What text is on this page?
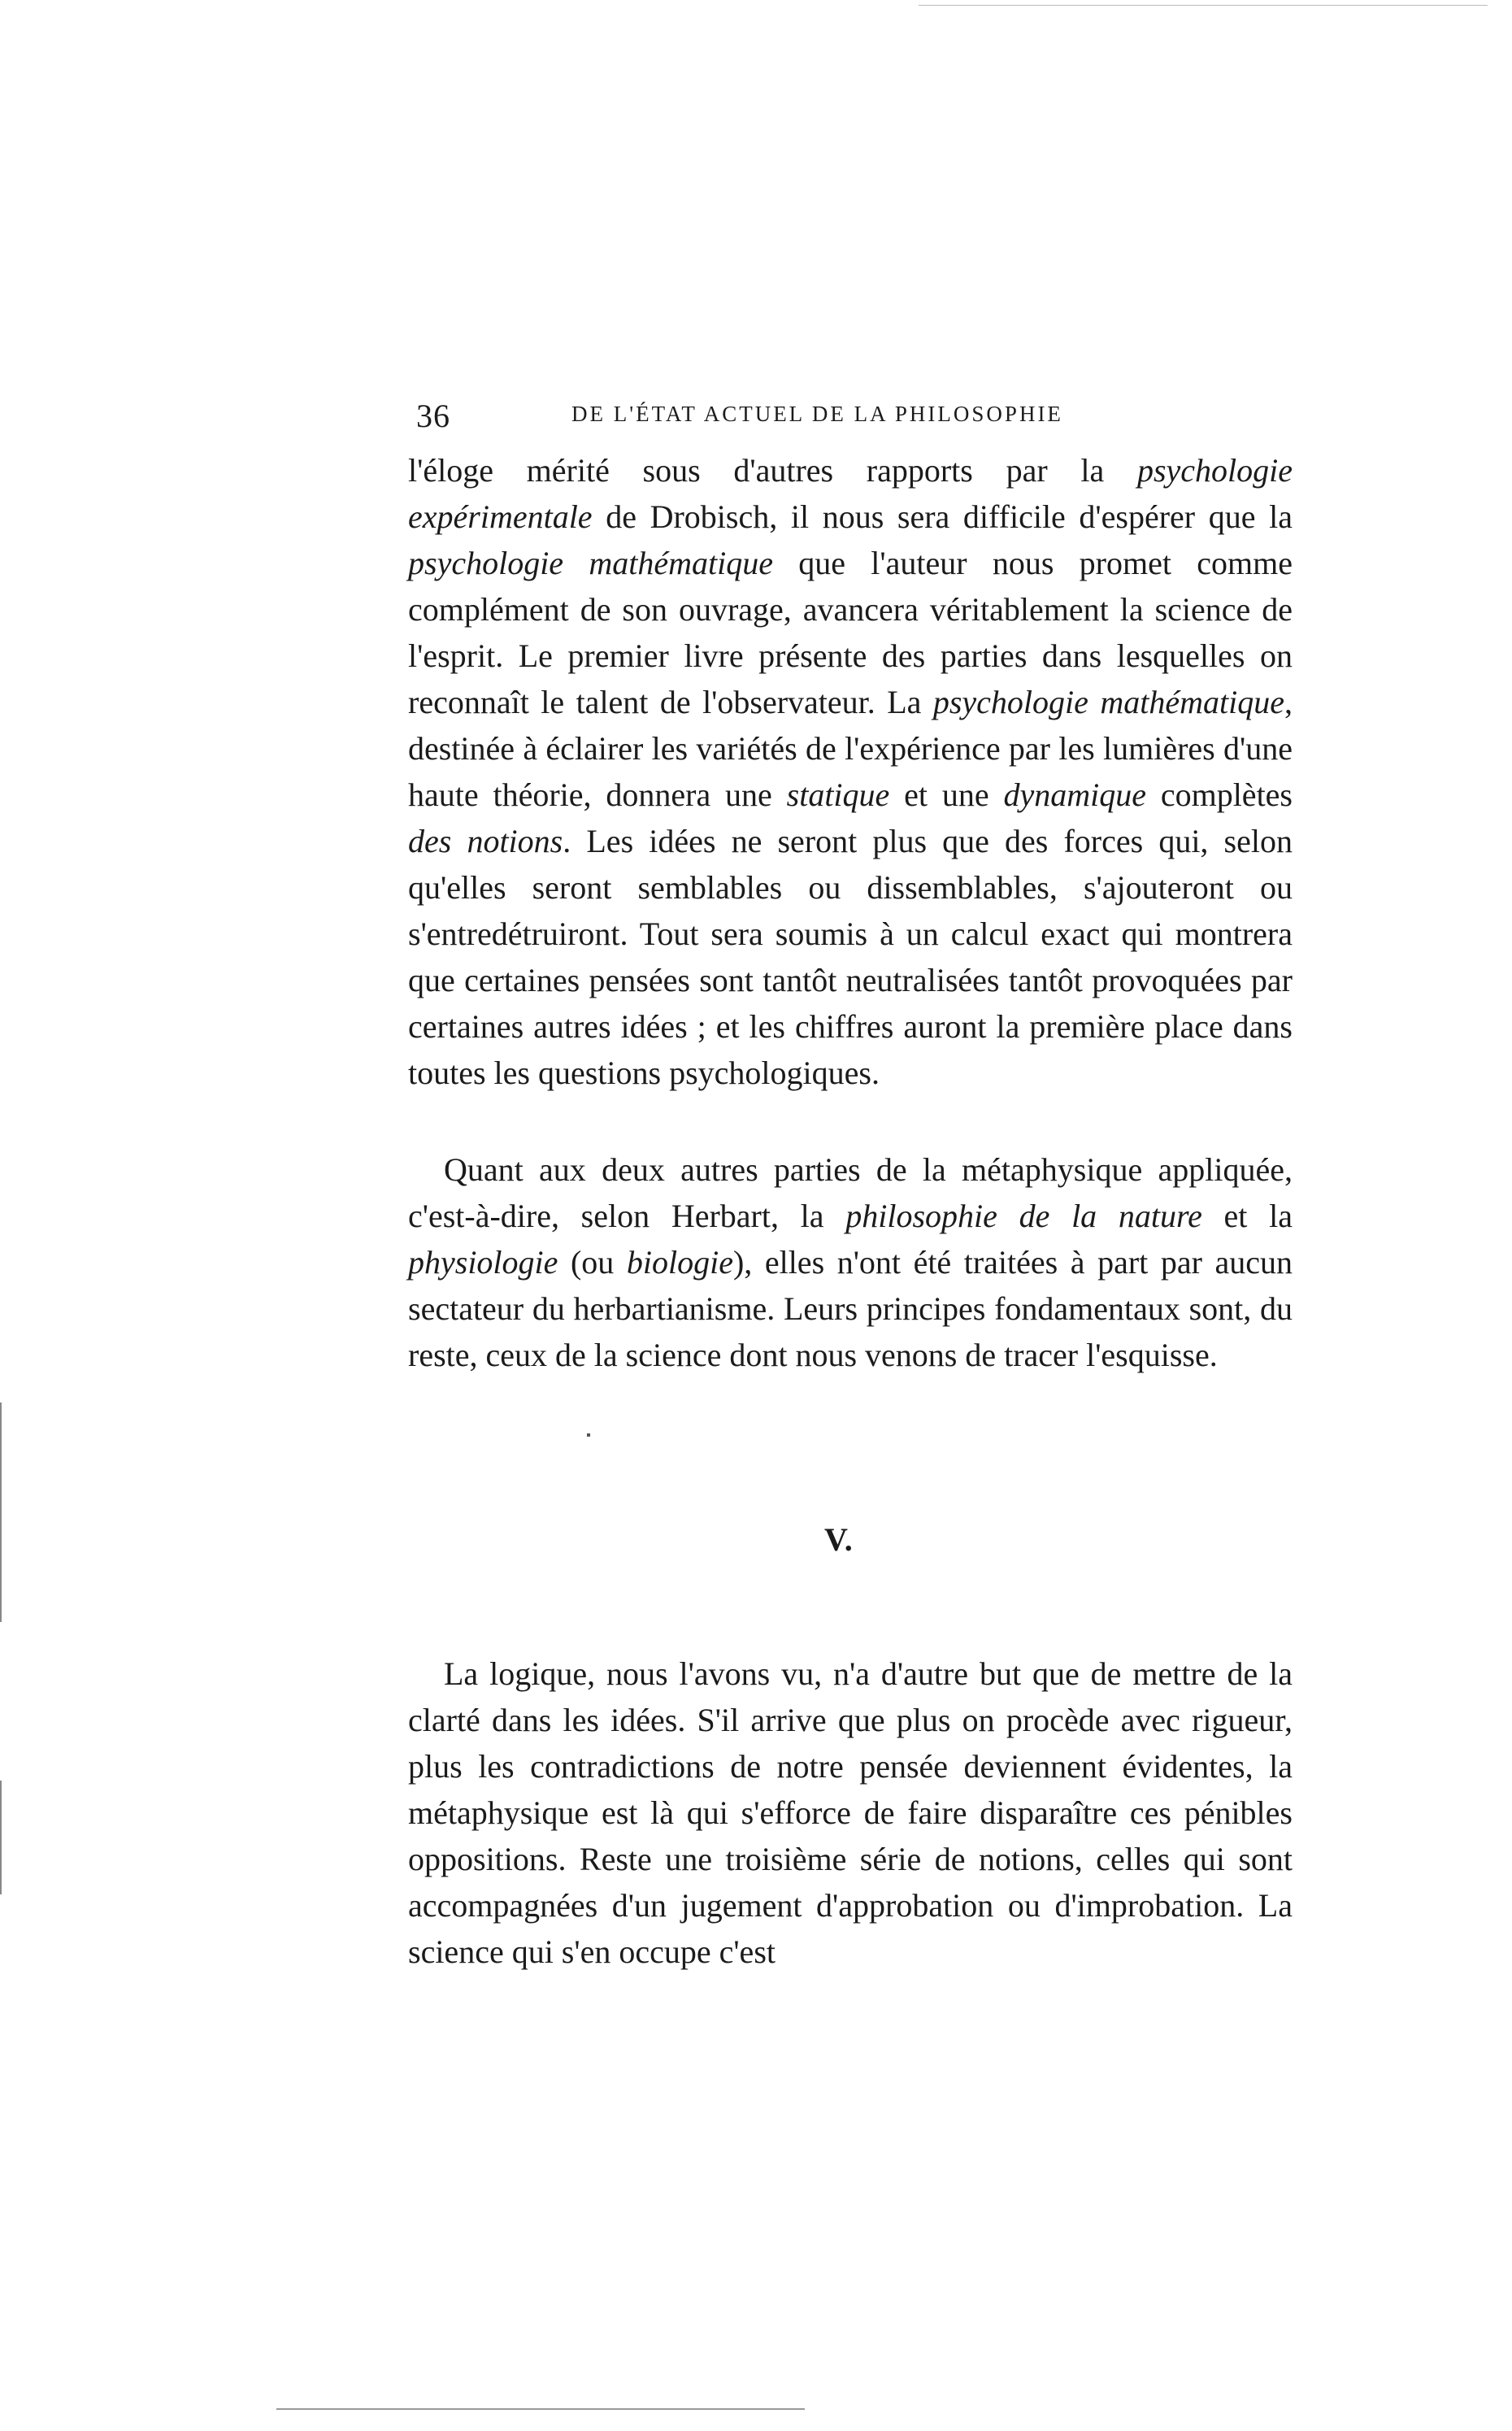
36	DE L'ÉTAT ACTUEL DE LA PHILOSOPHIE

l'éloge mérité sous d'autres rapports par la psychologie expérimentale de Drobisch, il nous sera difficile d'espérer que la psychologie mathématique que l'auteur nous promet comme complément de son ouvrage, avancera véritablement la science de l'esprit. Le premier livre présente des parties dans lesquelles on reconnaît le talent de l'observateur. La psychologie mathématique, destinée à éclairer les variétés de l'expérience par les lumières d'une haute théorie, donnera une statique et une dynamique complètes des notions. Les idées ne seront plus que des forces qui, selon qu'elles seront semblables ou dissemblables, s'ajouteront ou s'entredétruiront. Tout sera soumis à un calcul exact qui montrera que certaines pensées sont tantôt neutralisées tantôt provoquées par certaines autres idées ; et les chiffres auront la première place dans toutes les questions psychologiques.

Quant aux deux autres parties de la métaphysique appliquée, c'est-à-dire, selon Herbart, la philosophie de la nature et la physiologie (ou biologie), elles n'ont été traitées à part par aucun sectateur du herbartianisme. Leurs principes fondamentaux sont, du reste, ceux de la science dont nous venons de tracer l'esquisse.

V.

La logique, nous l'avons vu, n'a d'autre but que de mettre de la clarté dans les idées. S'il arrive que plus on procède avec rigueur, plus les contradictions de notre pensée deviennent évidentes, la métaphysique est là qui s'efforce de faire disparaître ces pénibles oppositions. Reste une troisième série de notions, celles qui sont accompagnées d'un jugement d'approbation ou d'improbation. La science qui s'en occupe c'est
